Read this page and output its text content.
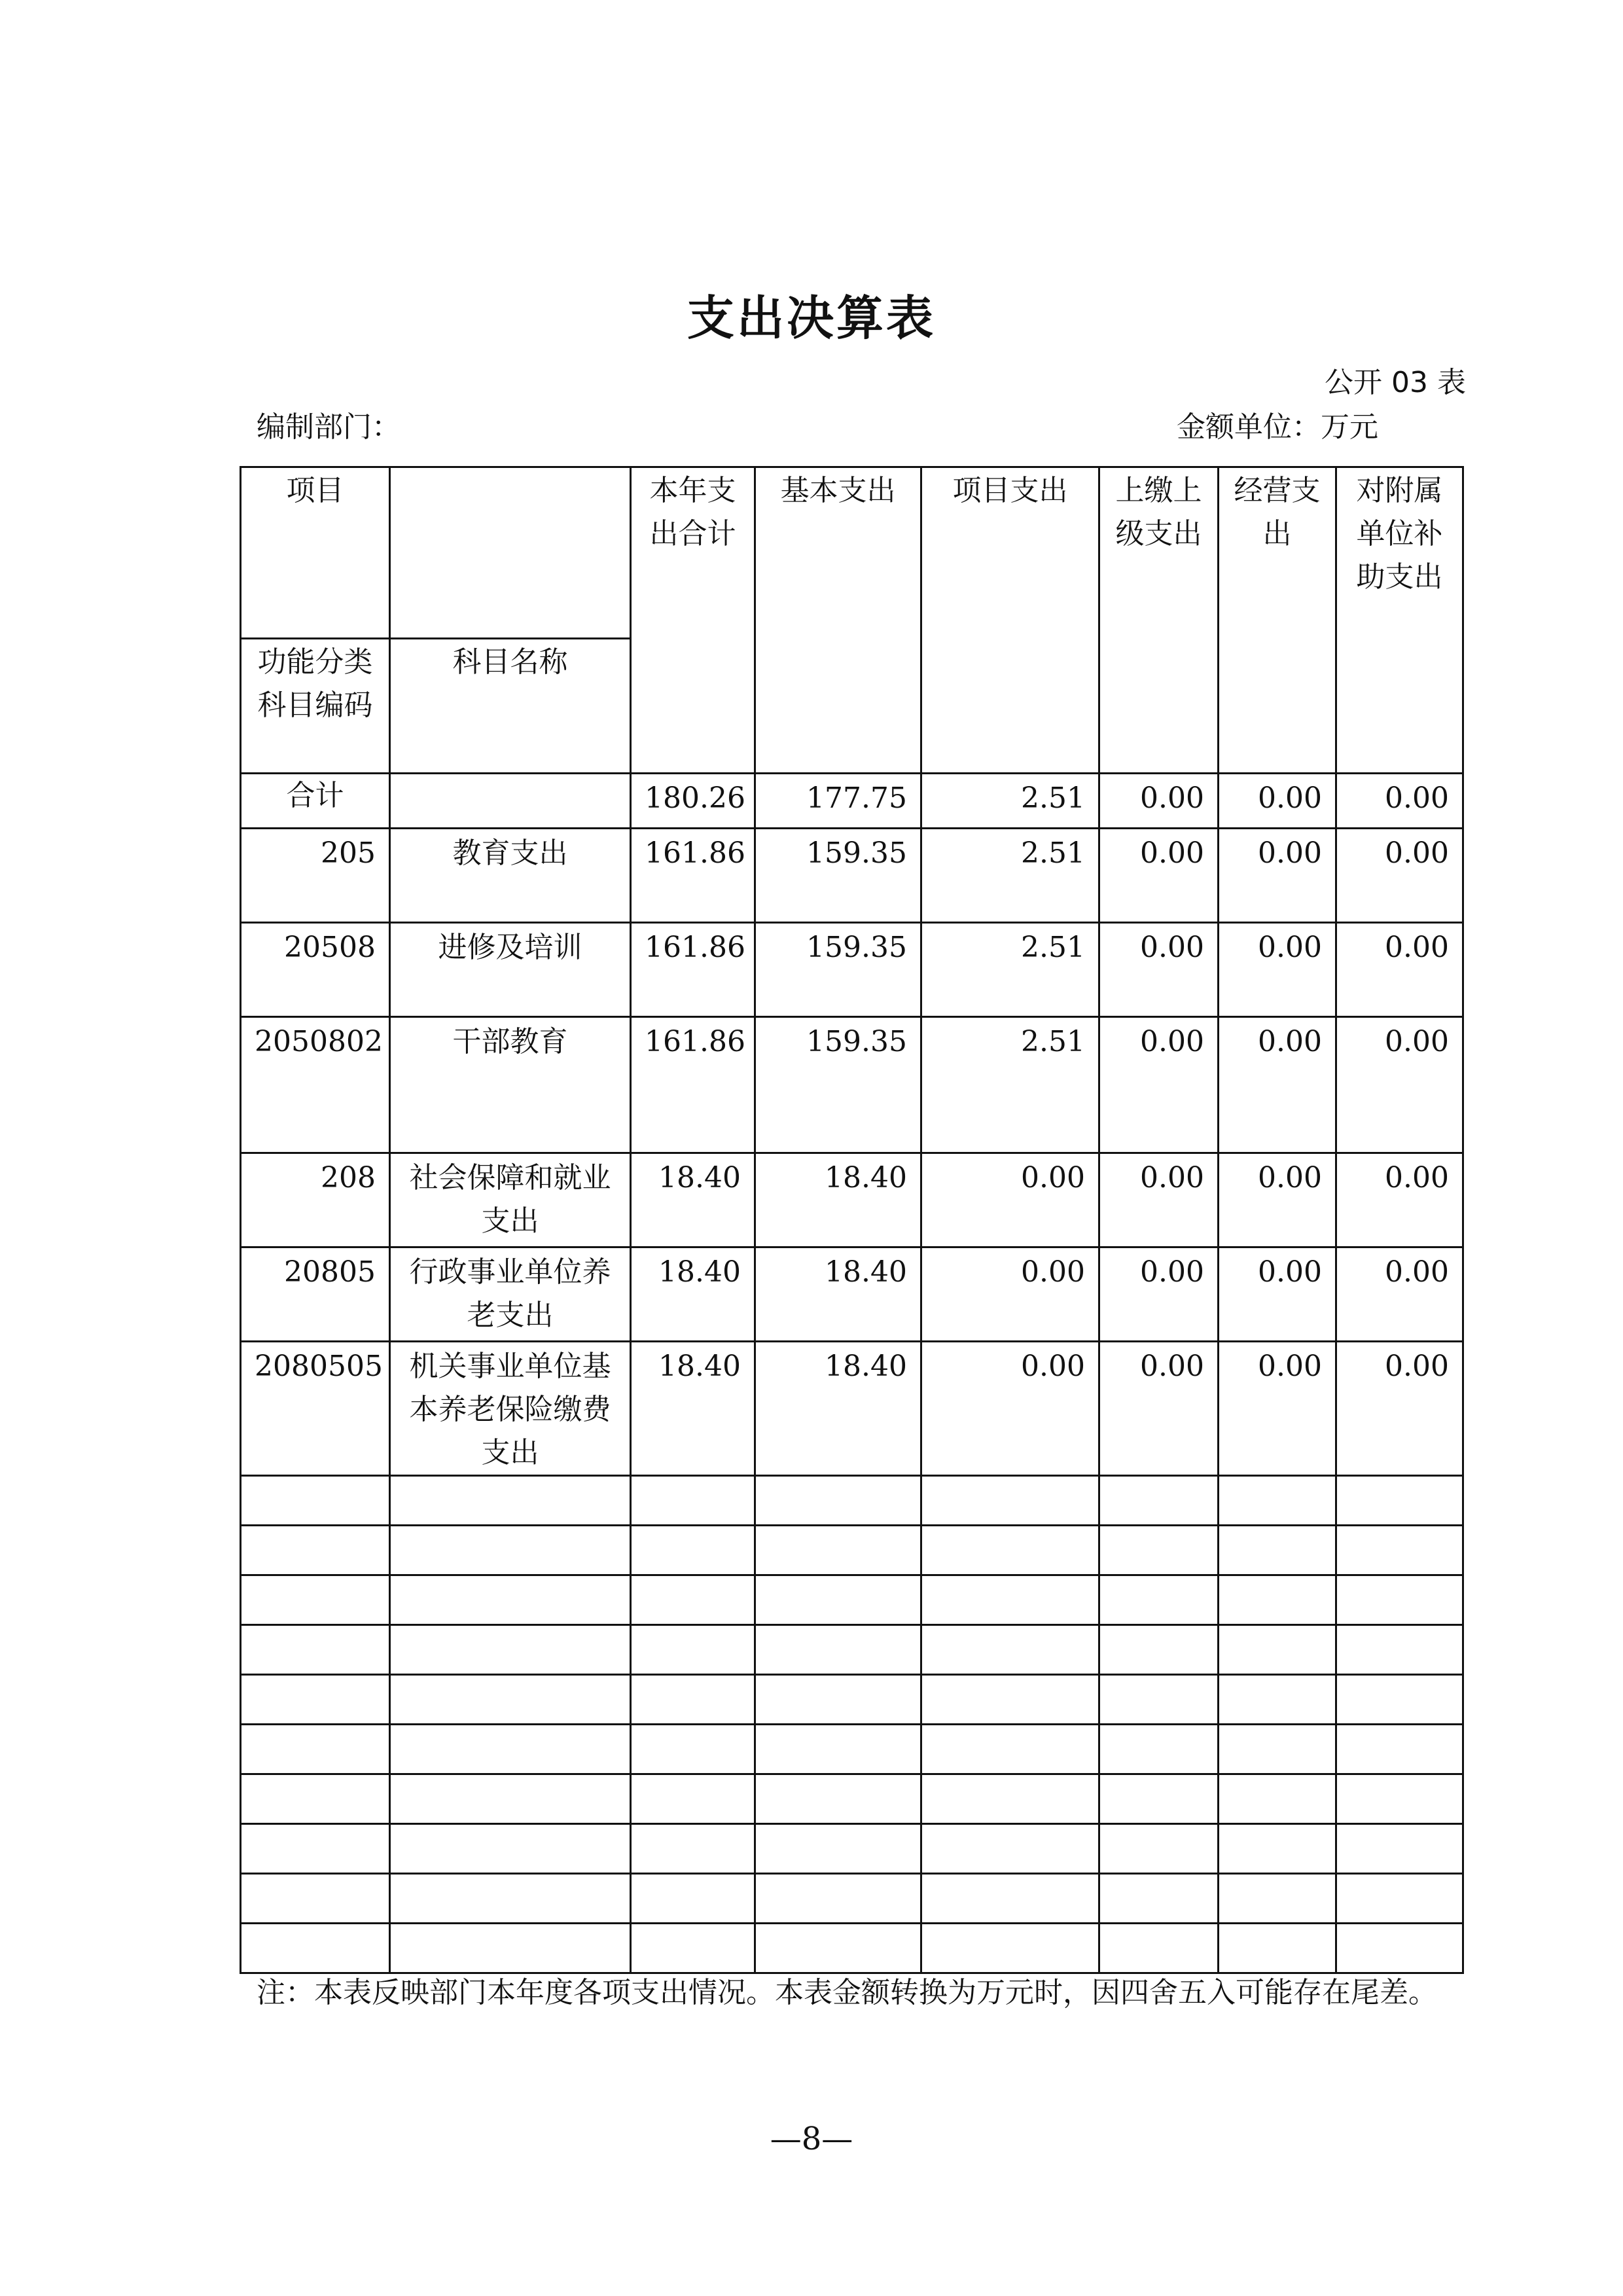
支出决算表
公开 03 表
编制部门：	金额单位：万元
项目		本年支出合计	基本支出	项目支出	上缴上级支出	经营支出	对附属单位补助支出
功能分类科目编码	科目名称						
合计		180.26	177.75	2.51	0.00	0.00	0.00
205	教育支出	161.86	159.35	2.51	0.00	0.00	0.00
20508	进修及培训	161.86	159.35	2.51	0.00	0.00	0.00
2050802	干部教育	161.86	159.35	2.51	0.00	0.00	0.00
208	社会保障和就业支出	18.40	18.40	0.00	0.00	0.00	0.00
20805	行政事业单位养老支出	18.40	18.40	0.00	0.00	0.00	0.00
2080505	机关事业单位基本养老保险缴费支出	18.40	18.40	0.00	0.00	0.00	0.00

注：本表反映部门本年度各项支出情况。本表金额转换为万元时，因四舍五入可能存在尾差。
—8—
